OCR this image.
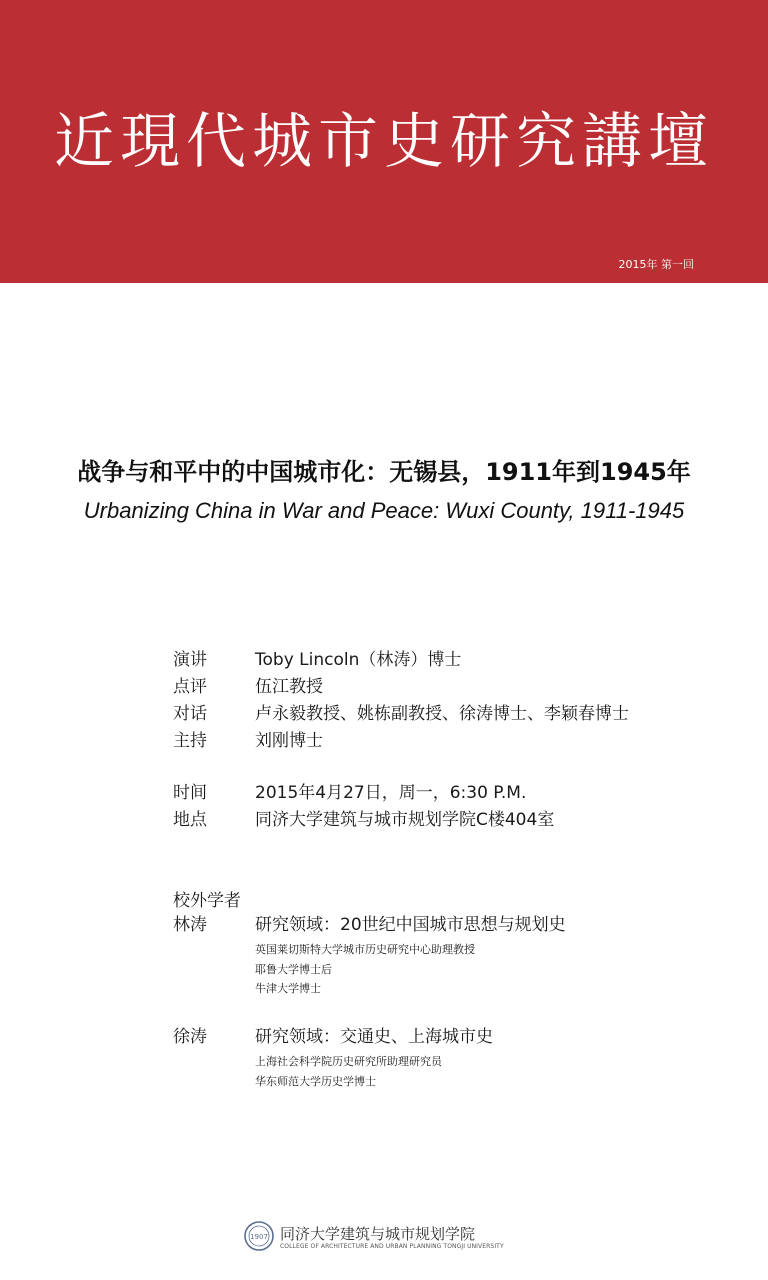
近現代城市史研究講壇
2015年 第一回
战争与和平中的中国城市化：无锡县，1911年到1945年
Urbanizing China in War and Peace: Wuxi County, 1911-1945
演讲	Toby Lincoln（林涛）博士
点评	伍江教授
对话	卢永毅教授、姚栋副教授、徐涛博士、李颖春博士
主持	刘刚博士
时间	2015年4月27日，周一，6:30 P.M.
地点	同济大学建筑与城市规划学院C楼404室
校外学者
林涛	研究领域：20世纪中国城市思想与规划史
英国莱切斯特大学城市历史研究中心助理教授
耶鲁大学博士后
牛津大学博士
徐涛	研究领域：交通史、上海城市史
上海社会科学院历史研究所助理研究员
华东师范大学历史学博士
1907 同济大学建筑与城市规划学院
COLLEGE OF ARCHITECTURE AND URBAN PLANNING TONGJI UNIVERSITY
